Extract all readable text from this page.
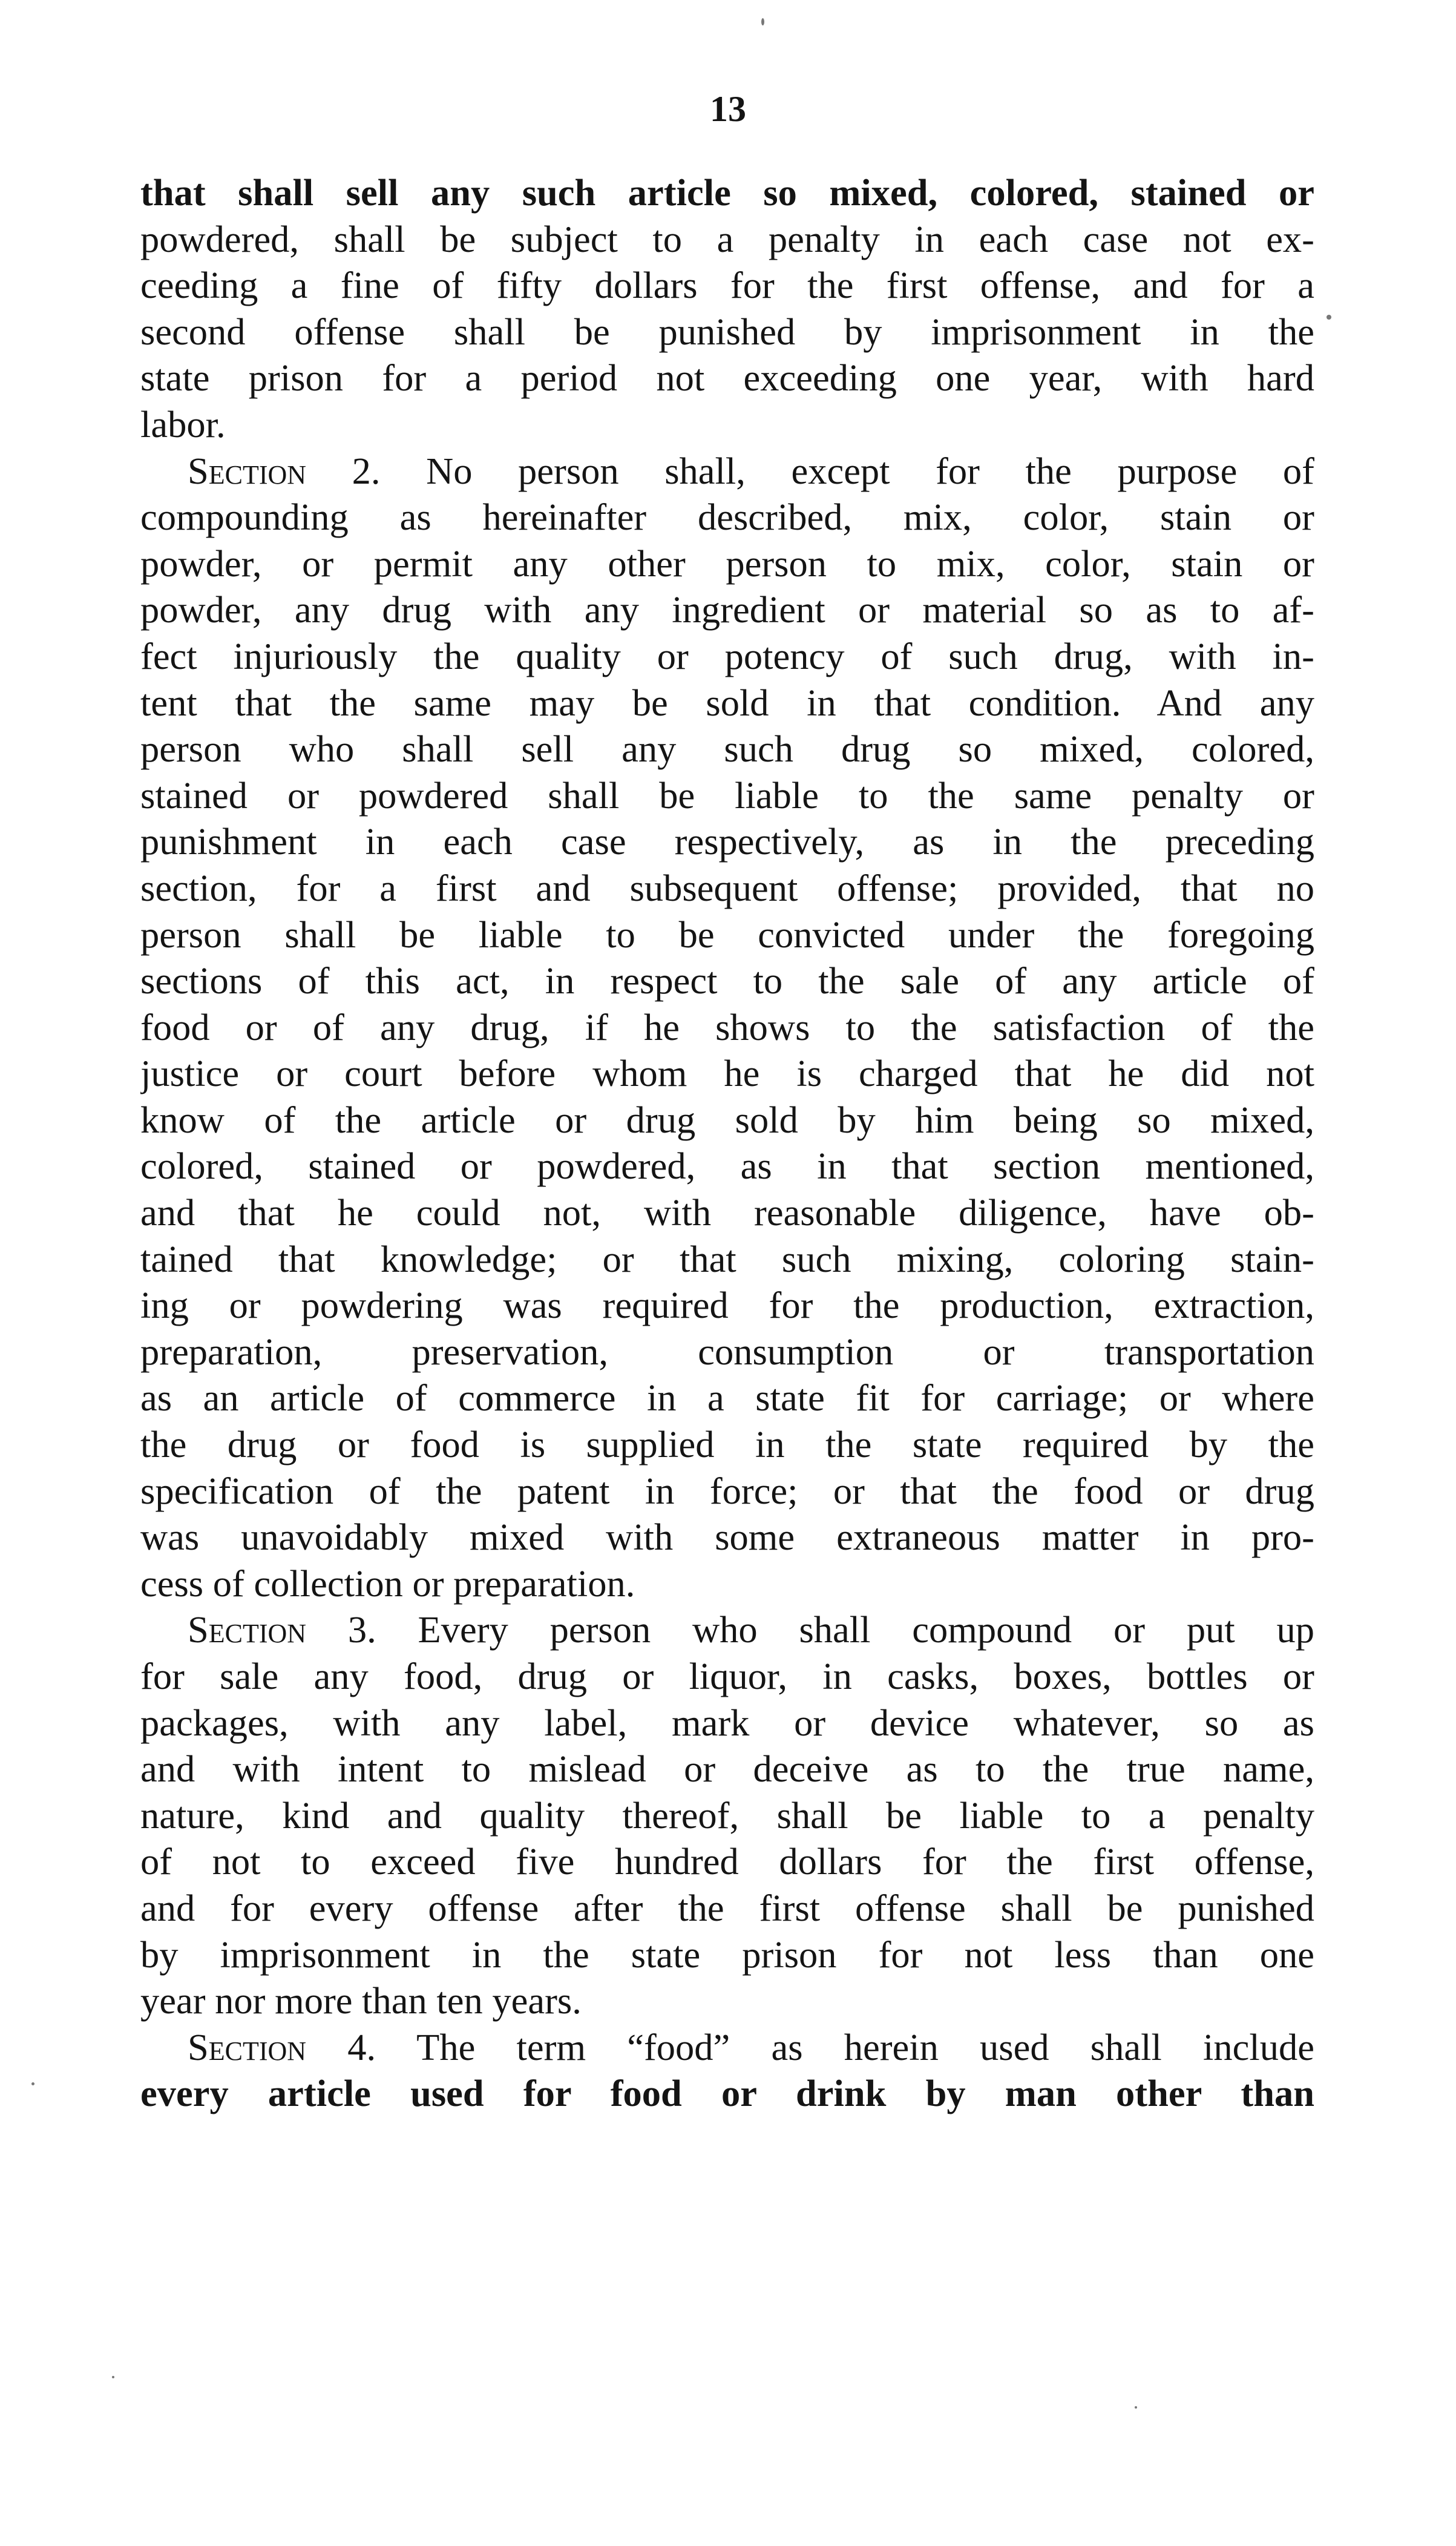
13
that shall sell any such article so mixed, colored, stained or
powdered, shall be subject to a penalty in each case not ex-
ceeding a fine of fifty dollars for the first offense, and for a
second offense shall be punished by imprisonment in the
state prison for a period not exceeding one year, with hard
labor.
Section 2. No person shall, except for the purpose of
compounding as hereinafter described, mix, color, stain or
powder, or permit any other person to mix, color, stain or
powder, any drug with any ingredient or material so as to af-
fect injuriously the quality or potency of such drug, with in-
tent that the same may be sold in that condition. And any
person who shall sell any such drug so mixed, colored,
stained or powdered shall be liable to the same penalty or
punishment in each case respectively, as in the preceding
section, for a first and subsequent offense; provided, that no
person shall be liable to be convicted under the foregoing
sections of this act, in respect to the sale of any article of
food or of any drug, if he shows to the satisfaction of the
justice or court before whom he is charged that he did not
know of the article or drug sold by him being so mixed,
colored, stained or powdered, as in that section mentioned,
and that he could not, with reasonable diligence, have ob-
tained that knowledge; or that such mixing, coloring stain-
ing or powdering was required for the production, extraction,
preparation, preservation, consumption or transportation
as an article of commerce in a state fit for carriage; or where
the drug or food is supplied in the state required by the
specification of the patent in force; or that the food or drug
was unavoidably mixed with some extraneous matter in pro-
cess of collection or preparation.
Section 3. Every person who shall compound or put up
for sale any food, drug or liquor, in casks, boxes, bottles or
packages, with any label, mark or device whatever, so as
and with intent to mislead or deceive as to the true name,
nature, kind and quality thereof, shall be liable to a penalty
of not to exceed five hundred dollars for the first offense,
and for every offense after the first offense shall be punished
by imprisonment in the state prison for not less than one
year nor more than ten years.
Section 4. The term “food” as herein used shall include
every article used for food or drink by man other than
